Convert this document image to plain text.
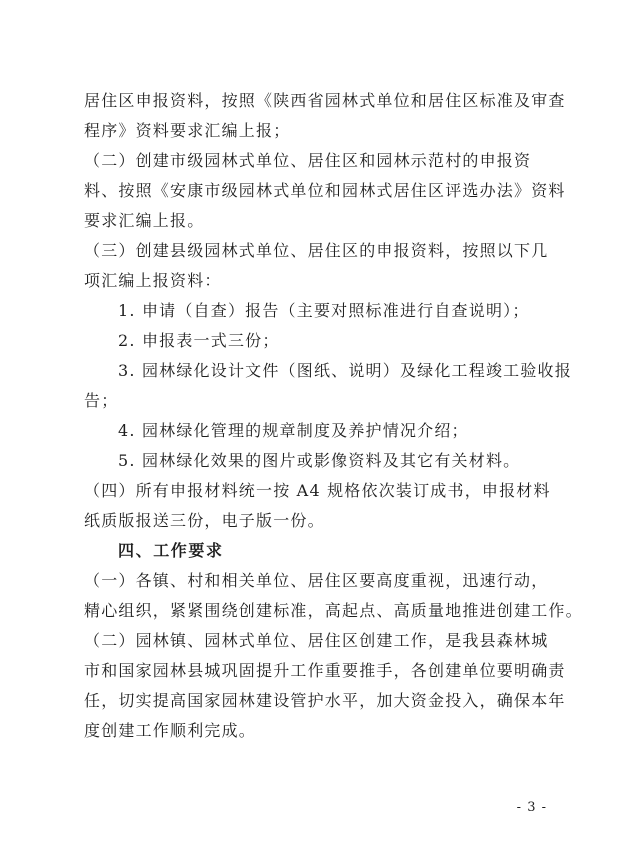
居住区申报资料，按照《陕西省园林式单位和居住区标准及审查
程序》资料要求汇编上报；
（二）创建市级园林式单位、居住区和园林示范村的申报资
料、按照《安康市级园林式单位和园林式居住区评选办法》资料
要求汇编上报。
（三）创建县级园林式单位、居住区的申报资料，按照以下几
项汇编上报资料：
1. 申请（自查）报告（主要对照标准进行自查说明）；
2. 申报表一式三份；
3. 园林绿化设计文件（图纸、说明）及绿化工程竣工验收报
告；
4. 园林绿化管理的规章制度及养护情况介绍；
5. 园林绿化效果的图片或影像资料及其它有关材料。
（四）所有申报材料统一按 A4 规格依次装订成书，申报材料
纸质版报送三份，电子版一份。
四、工作要求
（一）各镇、村和相关单位、居住区要高度重视，迅速行动，
精心组织，紧紧围绕创建标准，高起点、高质量地推进创建工作。
（二）园林镇、园林式单位、居住区创建工作，是我县森林城
市和国家园林县城巩固提升工作重要推手，各创建单位要明确责
任，切实提高国家园林建设管护水平，加大资金投入，确保本年
度创建工作顺利完成。
- 3 -
